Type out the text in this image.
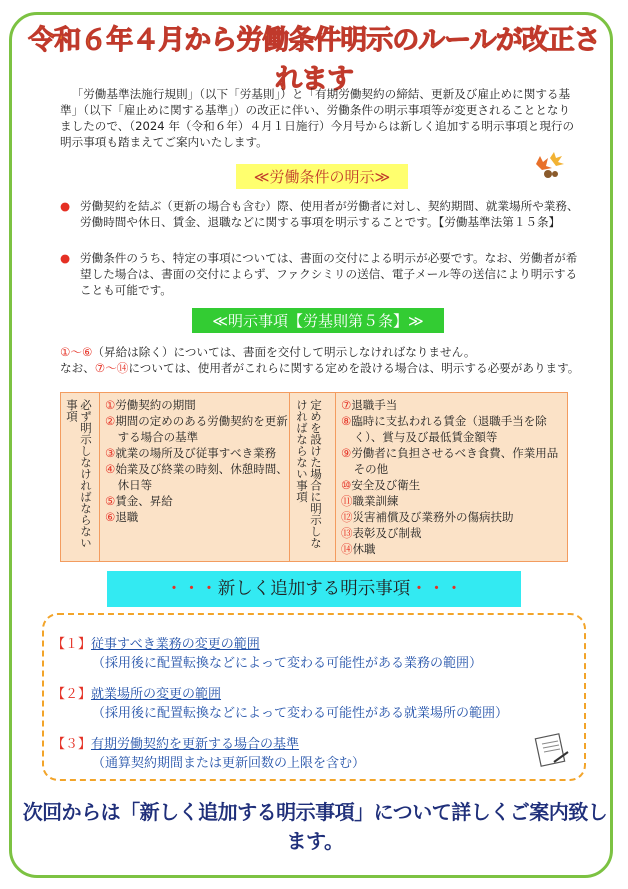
令和６年４月から労働条件明示のルールが改正されます
「労働基準法施行規則」（以下「労基則」）と「有期労働契約の締結、更新及び雇止めに関する基準」（以下「雇止めに関する基準」）の改正に伴い、労働条件の明示事項等が変更されることとなりましたので、（2024 年（令和６年）４月１日施行）今月号からは新しく追加する明示事項と現行の明示事項も踏まえてご案内いたします。
≪労働条件の明示≫
● 労働契約を結ぶ（更新の場合も含む）際、使用者が労働者に対し、契約期間、就業場所や業務、労働時間や休日、賃金、退職などに関する事項を明示することです。【労働基準法第１５条】
● 労働条件のうち、特定の事項については、書面の交付による明示が必要です。なお、労働者が希望した場合は、書面の交付によらず、ファクシミリの送信、電子メール等の送信により明示することも可能です。
≪明示事項【労基則第５条】≫
①〜⑥（昇給は除く）については、書面を交付して明示しなければなりません。
なお、⑦〜⑭については、使用者がこれらに関する定めを設ける場合は、明示する必要があります。
必ず明示しなければならない事項	①労働契約の期間
②期間の定めのある労働契約を更新する場合の基準
③就業の場所及び従事すべき業務
④始業及び終業の時刻、休憩時間、休日等
⑤賃金、昇給
⑥退職	定めを設けた場合に明示しなければならない事項	⑦退職手当
⑧臨時に支払われる賃金（退職手当を除く）、賞与及び最低賃金額等
⑨労働者に負担させるべき食費、作業用品その他
⑩安全及び衛生
⑪職業訓練
⑫災害補償及び業務外の傷病扶助
⑬表彰及び制裁
⑭休職
・・・新しく追加する明示事項・・・
【１】従事すべき業務の変更の範囲
（採用後に配置転換などによって変わる可能性がある業務の範囲）
【２】就業場所の変更の範囲
（採用後に配置転換などによって変わる可能性がある就業場所の範囲）
【３】有期労働契約を更新する場合の基準
（通算契約期間または更新回数の上限を含む）
次回からは「新しく追加する明示事項」について詳しくご案内致します。
